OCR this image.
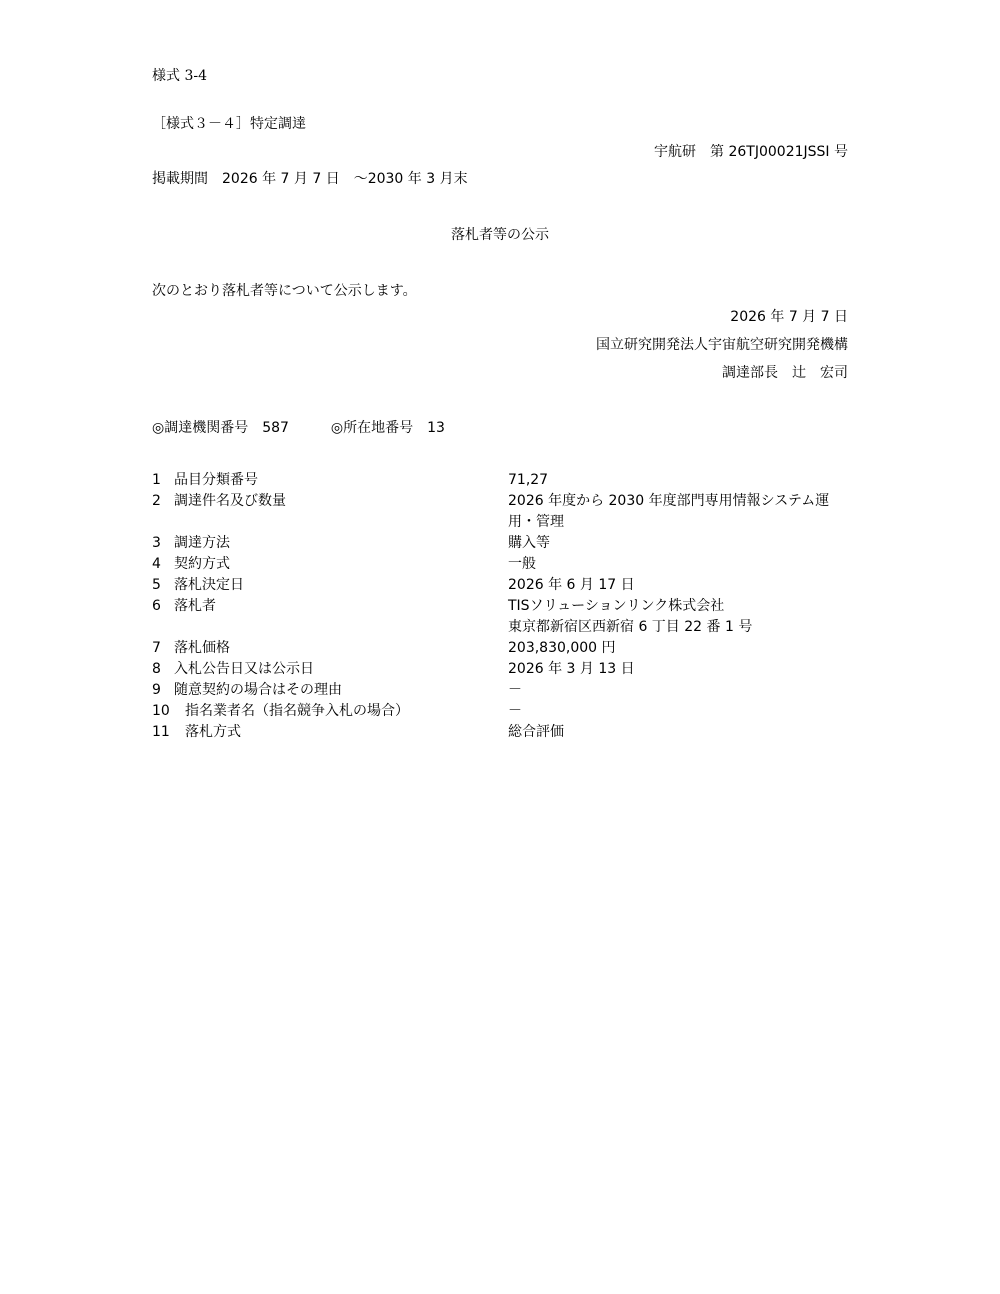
様式 3-4
［様式３－４］特定調達
宇航研　第 26TJ00021JSSI 号
掲載期間　2026 年 7 月 7 日　～2030 年 3 月末
落札者等の公示
次のとおり落札者等について公示します。
2026 年 7 月 7 日
国立研究開発法人宇宙航空研究開発機構
調達部長　辻　宏司
◎調達機関番号　587　　　◎所在地番号　13
1 品目分類番号	71,27
2 調達件名及び数量	2026 年度から 2030 年度部門専用情報システム運
用・管理
3 調達方法	購入等
4 契約方式	一般
5 落札決定日	2026 年 6 月 17 日
6 落札者	TISソリューションリンク株式会社
東京都新宿区西新宿 6 丁目 22 番 1 号
7 落札価格	203,830,000 円
8 入札公告日又は公示日	2026 年 3 月 13 日
9 随意契約の場合はその理由	－
10 指名業者名（指名競争入札の場合）	－
11 落札方式	総合評価
